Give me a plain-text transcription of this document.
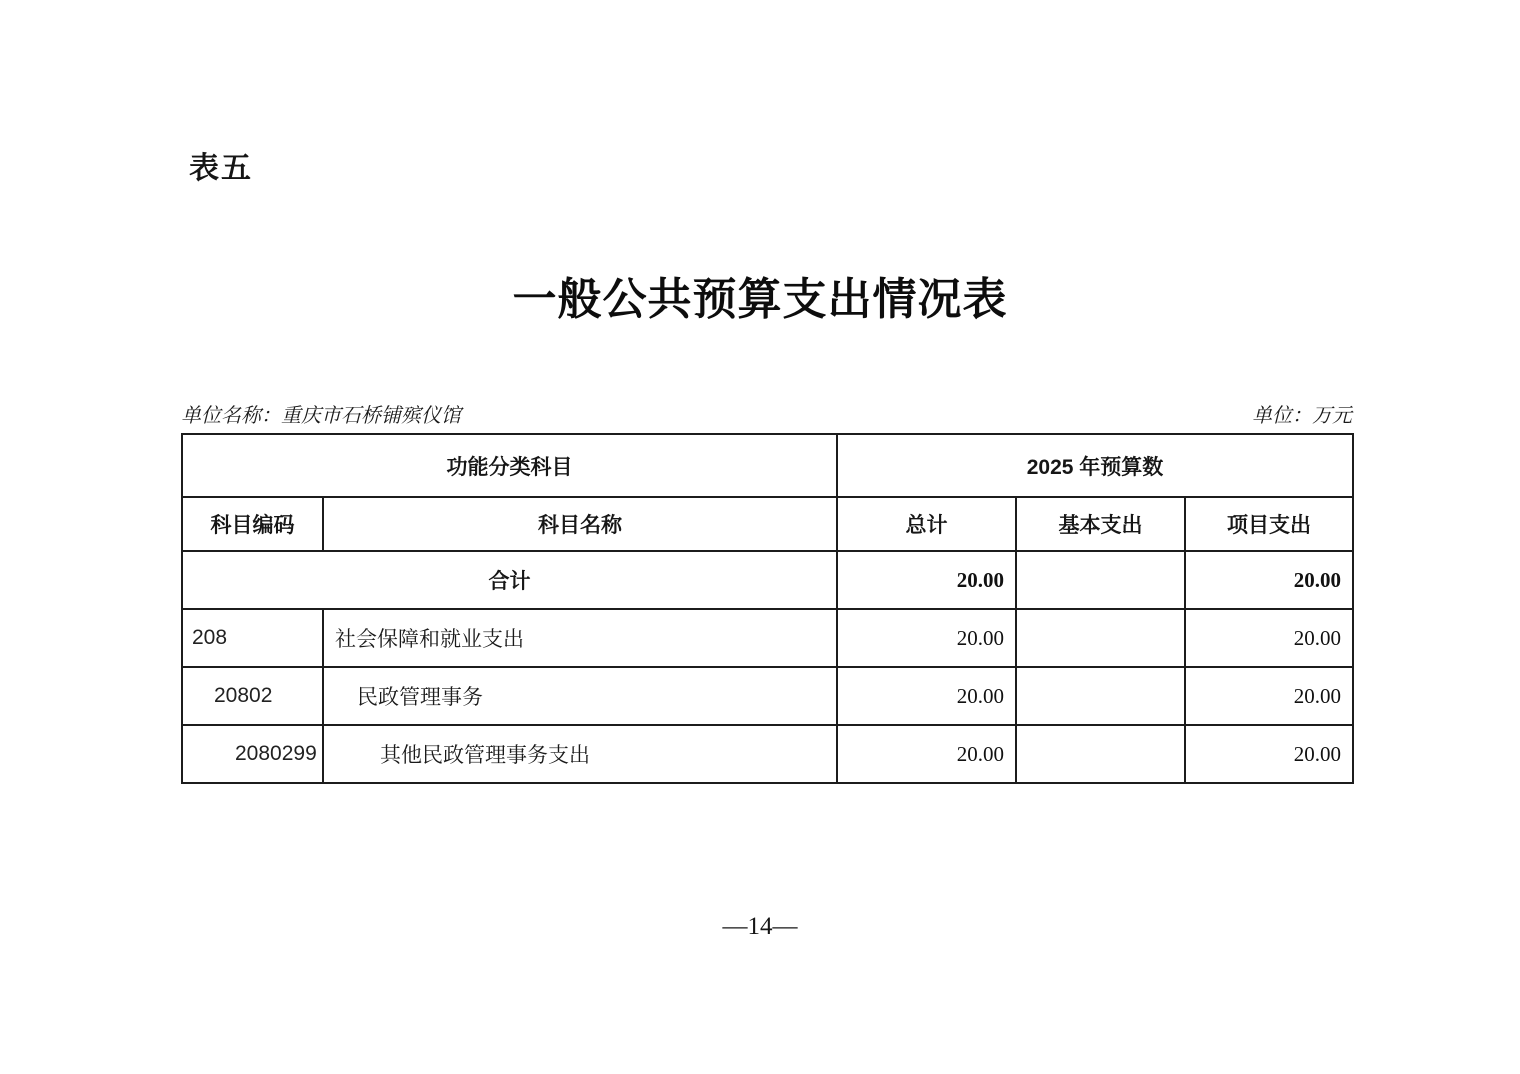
表五
一般公共预算支出情况表
单位名称：重庆市石桥铺殡仪馆	单位：万元
功能分类科目		2025 年预算数		
科目编码	科目名称	总计	基本支出	项目支出
合计		20.00		20.00
208	社会保障和就业支出	20.00		20.00
20802	民政管理事务	20.00		20.00
2080299	其他民政管理事务支出	20.00		20.00
—14—
